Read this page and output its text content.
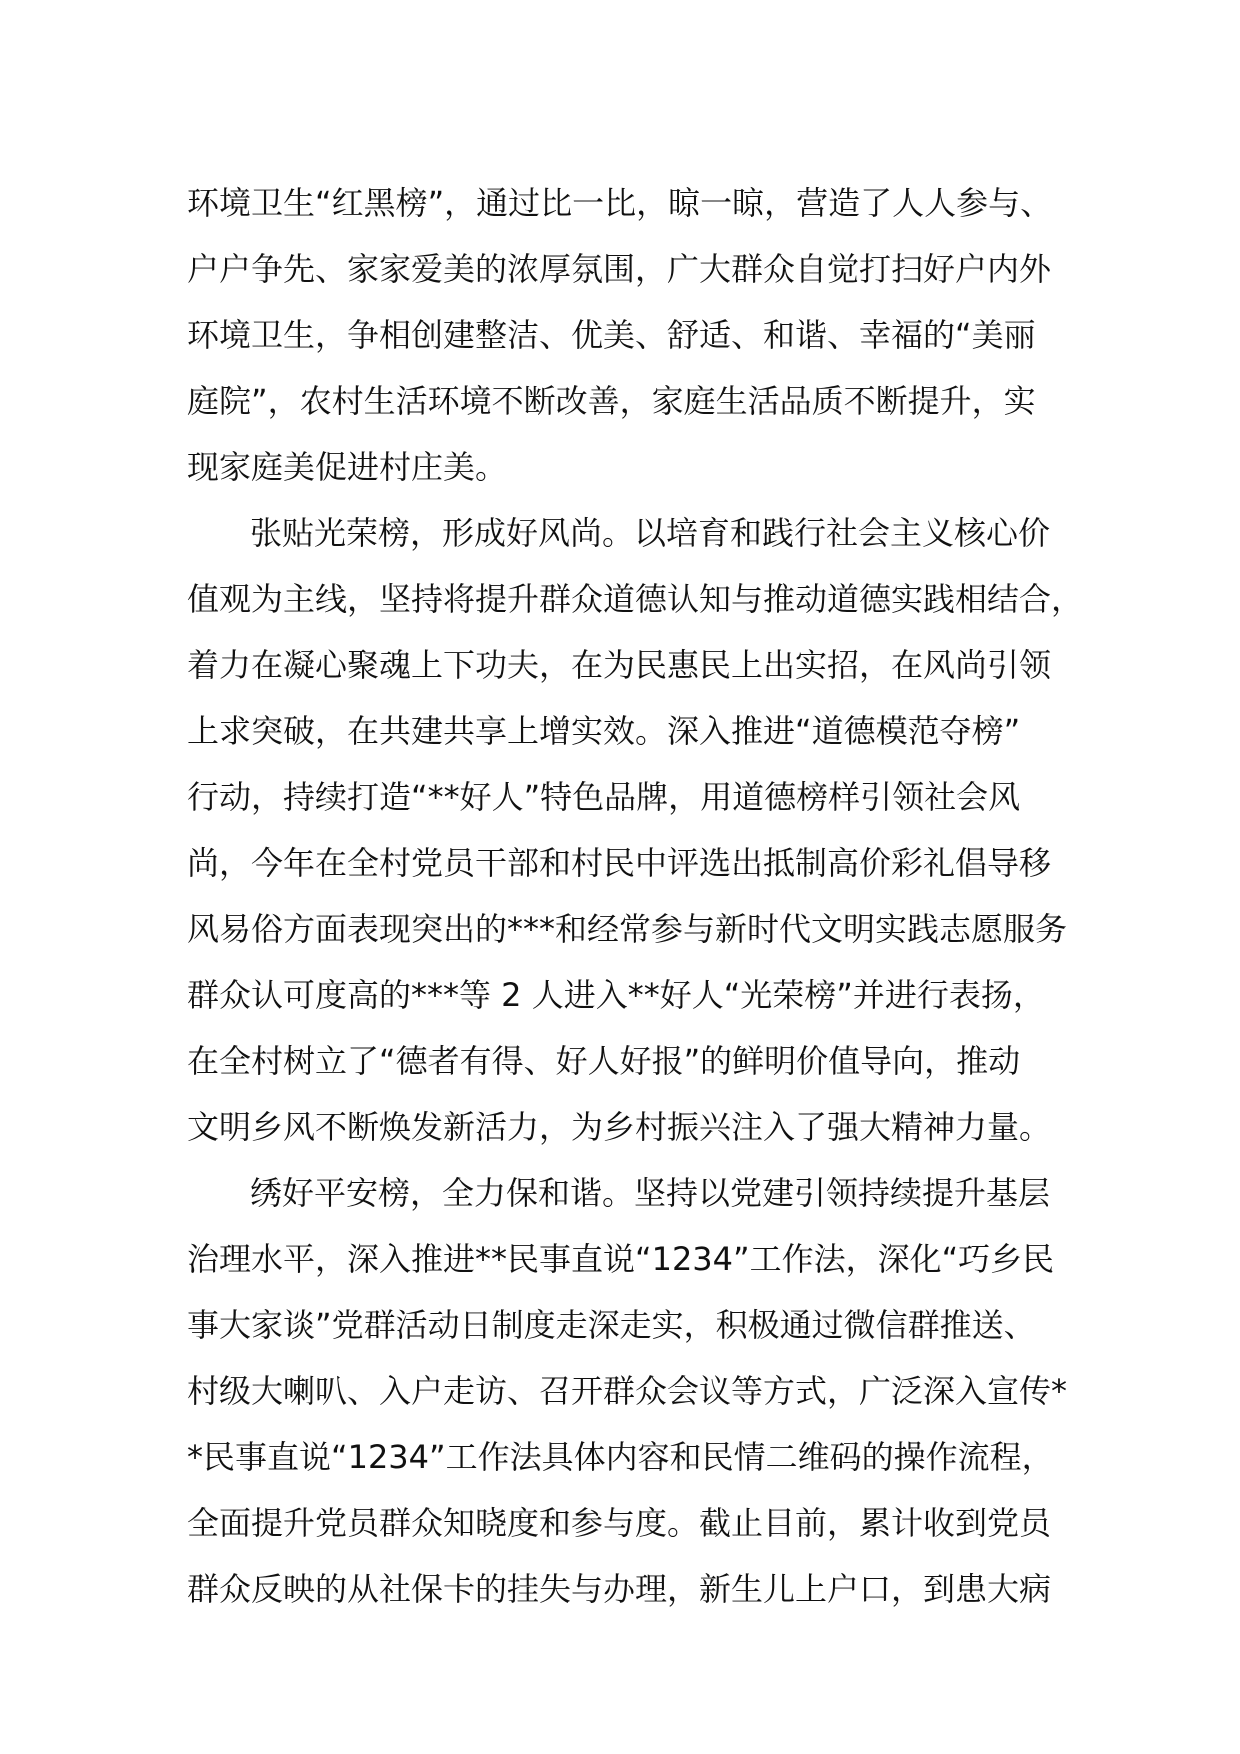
环境卫生“红黑榜”，通过比一比，晾一晾，营造了人人参与、
户户争先、家家爱美的浓厚氛围，广大群众自觉打扫好户内外
环境卫生，争相创建整洁、优美、舒适、和谐、幸福的“美丽
庭院”，农村生活环境不断改善，家庭生活品质不断提升，实
现家庭美促进村庄美。
张贴光荣榜，形成好风尚。以培育和践行社会主义核心价
值观为主线，坚持将提升群众道德认知与推动道德实践相结合，
着力在凝心聚魂上下功夫，在为民惠民上出实招，在风尚引领
上求突破，在共建共享上增实效。深入推进“道德模范夺榜”
行动，持续打造“**好人”特色品牌，用道德榜样引领社会风
尚，今年在全村党员干部和村民中评选出抵制高价彩礼倡导移
风易俗方面表现突出的***和经常参与新时代文明实践志愿服务
群众认可度高的***等 2 人进入**好人“光荣榜”并进行表扬，
在全村树立了“德者有得、好人好报”的鲜明价值导向，推动
文明乡风不断焕发新活力，为乡村振兴注入了强大精神力量。
绣好平安榜，全力保和谐。坚持以党建引领持续提升基层
治理水平，深入推进**民事直说“1234”工作法，深化“巧乡民
事大家谈”党群活动日制度走深走实，积极通过微信群推送、
村级大喇叭、入户走访、召开群众会议等方式，广泛深入宣传*
*民事直说“1234”工作法具体内容和民情二维码的操作流程，
全面提升党员群众知晓度和参与度。截止目前，累计收到党员
群众反映的从社保卡的挂失与办理，新生儿上户口，到患大病
